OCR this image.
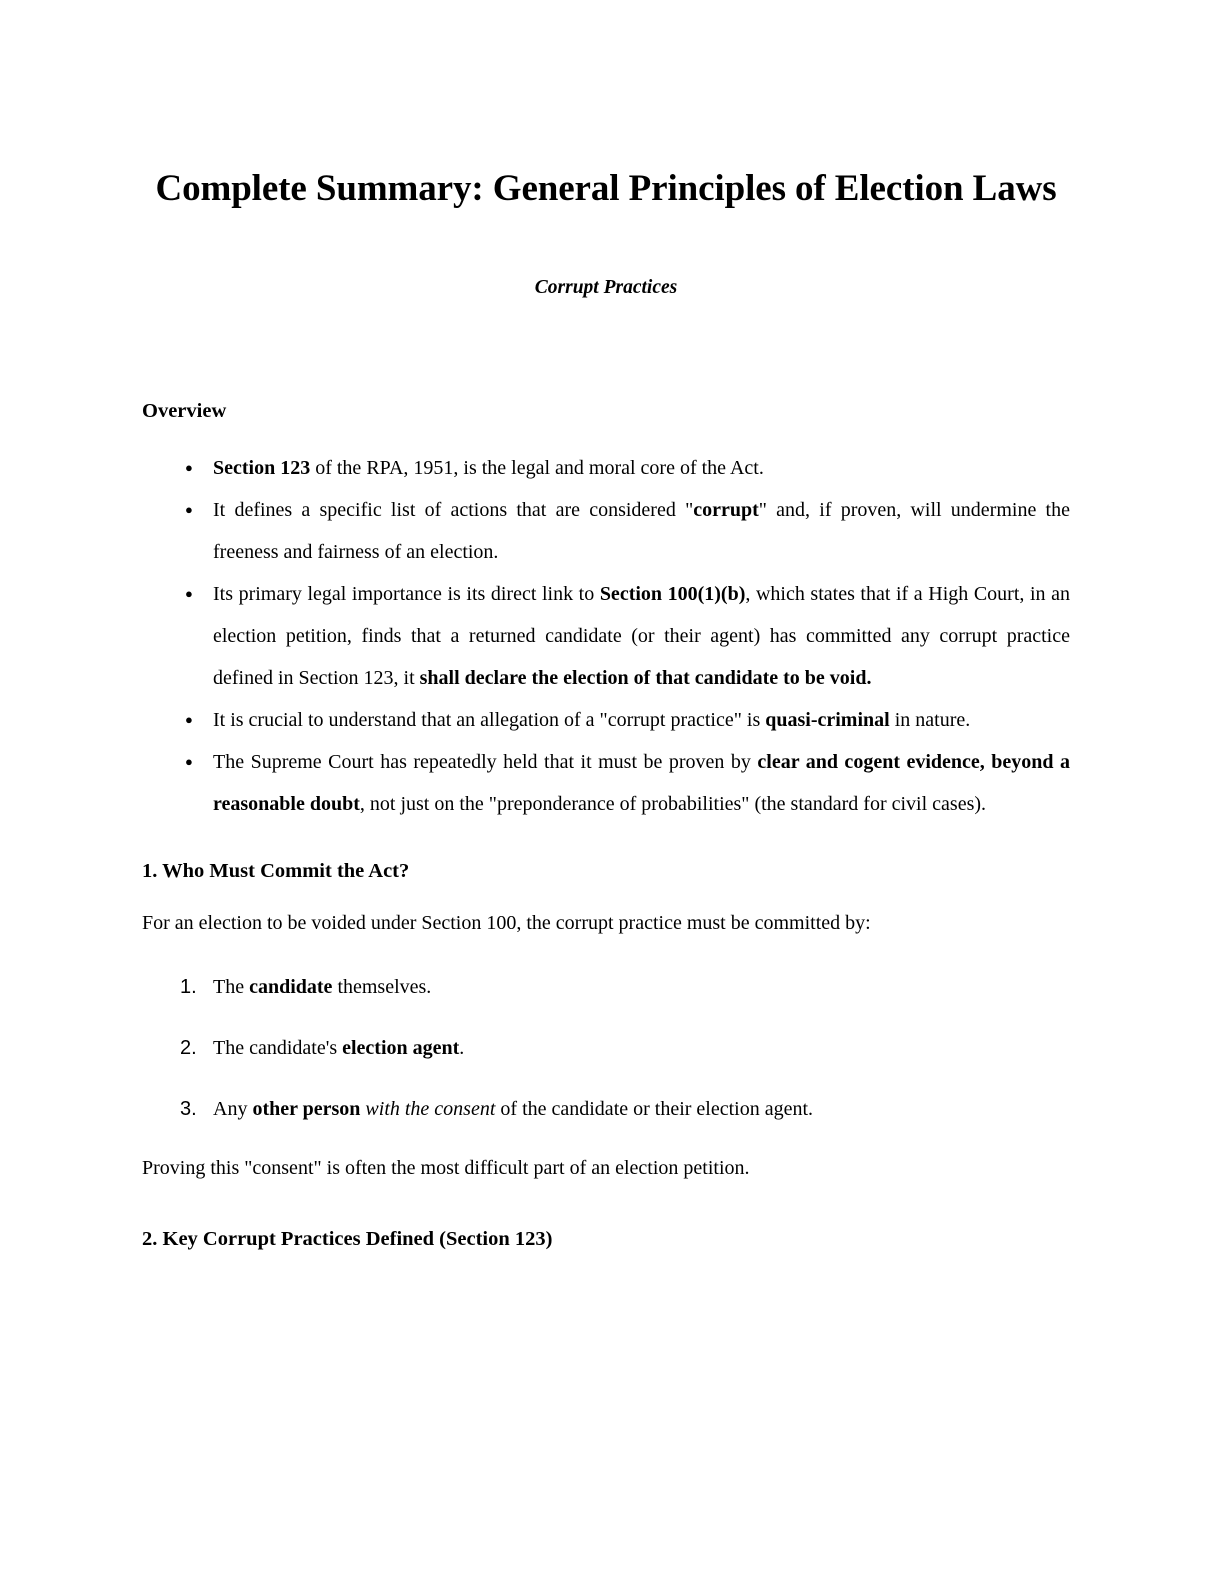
Complete Summary: General Principles of Election Laws
Corrupt Practices
Overview
● Section 123 of the RPA, 1951, is the legal and moral core of the Act.
● It defines a specific list of actions that are considered "corrupt" and, if proven, will undermine the freeness and fairness of an election.
● Its primary legal importance is its direct link to Section 100(1)(b), which states that if a High Court, in an election petition, finds that a returned candidate (or their agent) has committed any corrupt practice defined in Section 123, it shall declare the election of that candidate to be void.
● It is crucial to understand that an allegation of a "corrupt practice" is quasi-criminal in nature.
● The Supreme Court has repeatedly held that it must be proven by clear and cogent evidence, beyond a reasonable doubt, not just on the "preponderance of probabilities" (the standard for civil cases).
1. Who Must Commit the Act?

For an election to be voided under Section 100, the corrupt practice must be committed by:

The candidate themselves.
The candidate's election agent.
Any other person with the consent of the candidate or their election agent.

Proving this "consent" is often the most difficult part of an election petition.

2. Key Corrupt Practices Defined (Section 123)
